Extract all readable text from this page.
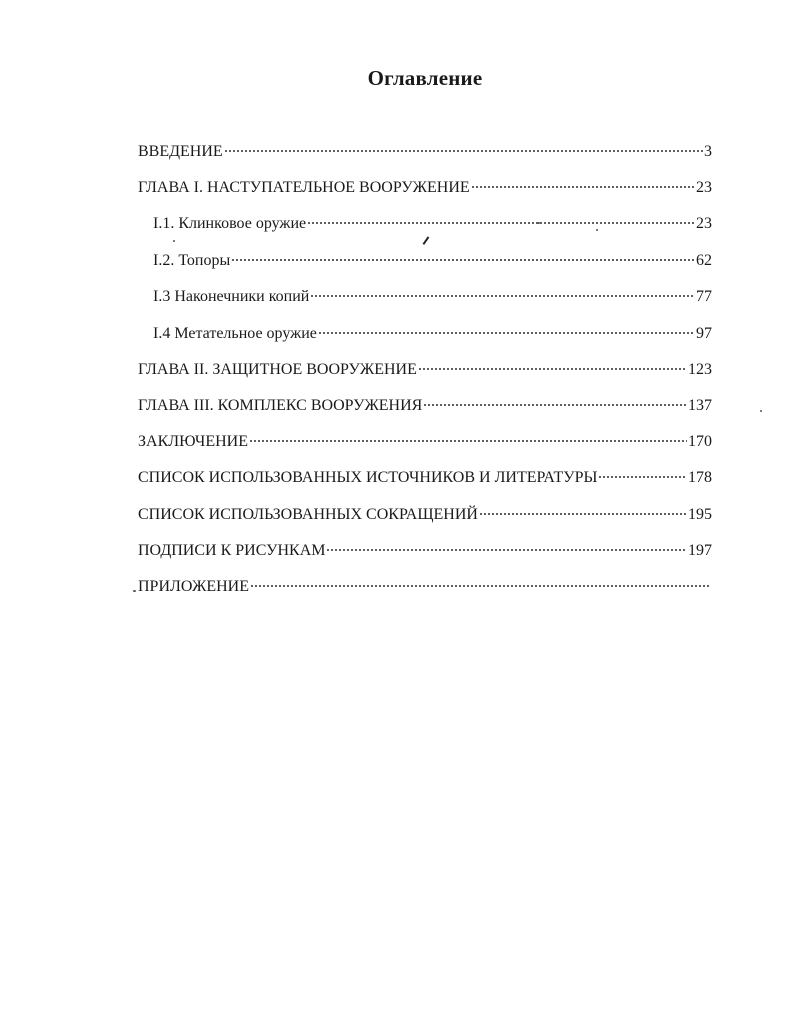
Оглавление
ВВЕДЕНИЕ	3
ГЛАВА I. НАСТУПАТЕЛЬНОЕ ВООРУЖЕНИЕ	23
I.1. Клинковое оружие	23
I.2. Топоры	62
I.3 Наконечники копий	77
I.4 Метательное оружие	97
ГЛАВА II. ЗАЩИТНОЕ ВООРУЖЕНИЕ	123
ГЛАВА III. КОМПЛЕКС ВООРУЖЕНИЯ	137
ЗАКЛЮЧЕНИЕ	170
СПИСОК ИСПОЛЬЗОВАННЫХ ИСТОЧНИКОВ И ЛИТЕРАТУРЫ	178
СПИСОК ИСПОЛЬЗОВАННЫХ СОКРАЩЕНИЙ	195
ПОДПИСИ К РИСУНКАМ	197
ПРИЛОЖЕНИЕ
